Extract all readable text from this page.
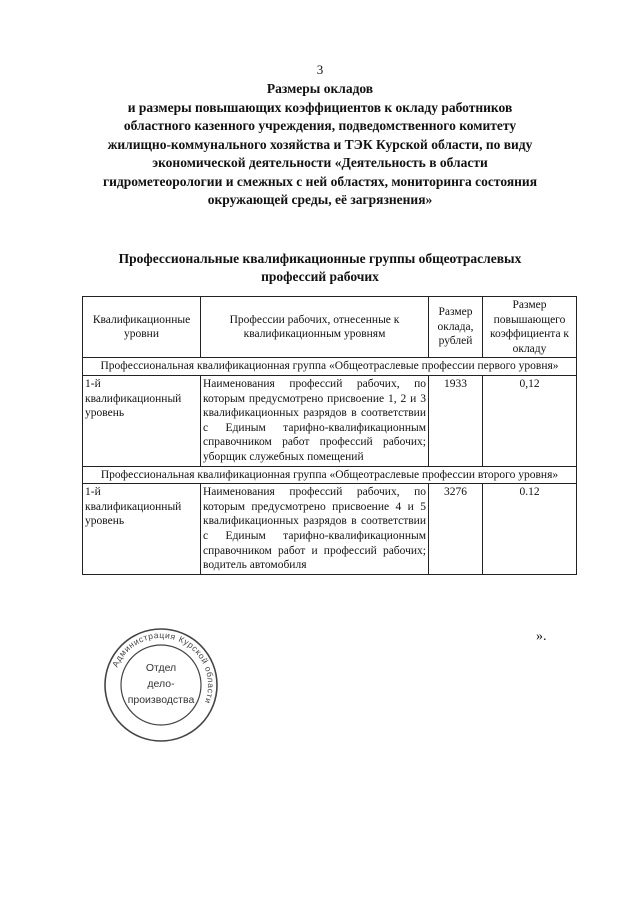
3
Размеры окладов
и размеры повышающих коэффициентов к окладу работников
областного казенного учреждения, подведомственного комитету
жилищно-коммунального хозяйства и ТЭК Курской области, по виду
экономической деятельности «Деятельность в области
гидрометеорологии и смежных с ней областях, мониторинга состояния
окружающей среды, её загрязнения»
Профессиональные квалификационные группы общеотраслевых
профессий рабочих
Квалификационные уровни	Профессии рабочих, отнесенные к квалификационным уровням	Размер оклада, рублей	Размер повышающего коэффициента к окладу
Профессиональная квалификационная группа «Общеотраслевые профессии первого уровня»			
1-й квалификационный уровень	Наименования профессий рабочих, по которым предусмотрено присвоение 1, 2 и 3 квалификационных разрядов в соответствии с Единым тарифно-квалификационным справочником работ профессий рабочих; уборщик служебных помещений	1933	0,12
Профессиональная квалификационная группа «Общеотраслевые профессии второго уровня»			
1-й квалификационный уровень	Наименования профессий рабочих, по которым предусмотрено присвоение 4 и 5 квалификационных разрядов в соответствии с Единым тарифно-квалификационным справочником работ и профессий рабочих; водитель автомобиля	3276	0.12
».
Администрация Курской области
Отдел
дело-
производства
